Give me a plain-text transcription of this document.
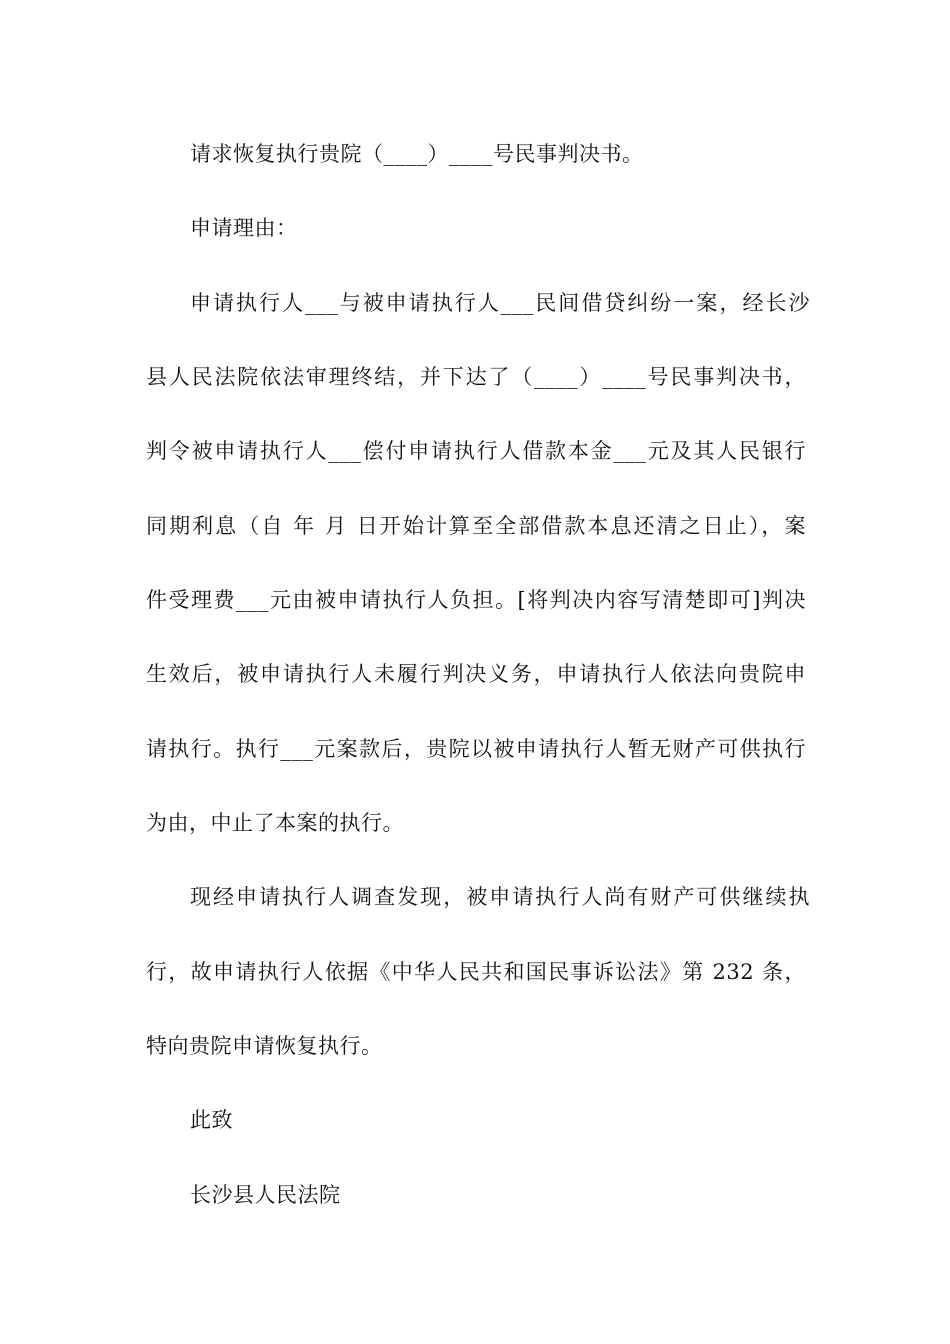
请求恢复执行贵院（____）____号民事判决书。
申请理由：
申请执行人___与被申请执行人___民间借贷纠纷一案，经长沙
县人民法院依法审理终结，并下达了（____）____号民事判决书，
判令被申请执行人___偿付申请执行人借款本金___元及其人民银行
同期利息（自 年 月 日开始计算至全部借款本息还清之日止），案
件受理费___元由被申请执行人负担。[将判决内容写清楚即可]判决
生效后，被申请执行人未履行判决义务，申请执行人依法向贵院申
请执行。执行___元案款后，贵院以被申请执行人暂无财产可供执行
为由，中止了本案的执行。
现经申请执行人调查发现，被申请执行人尚有财产可供继续执
行，故申请执行人依据《中华人民共和国民事诉讼法》第 232 条，
特向贵院申请恢复执行。
此致
长沙县人民法院
